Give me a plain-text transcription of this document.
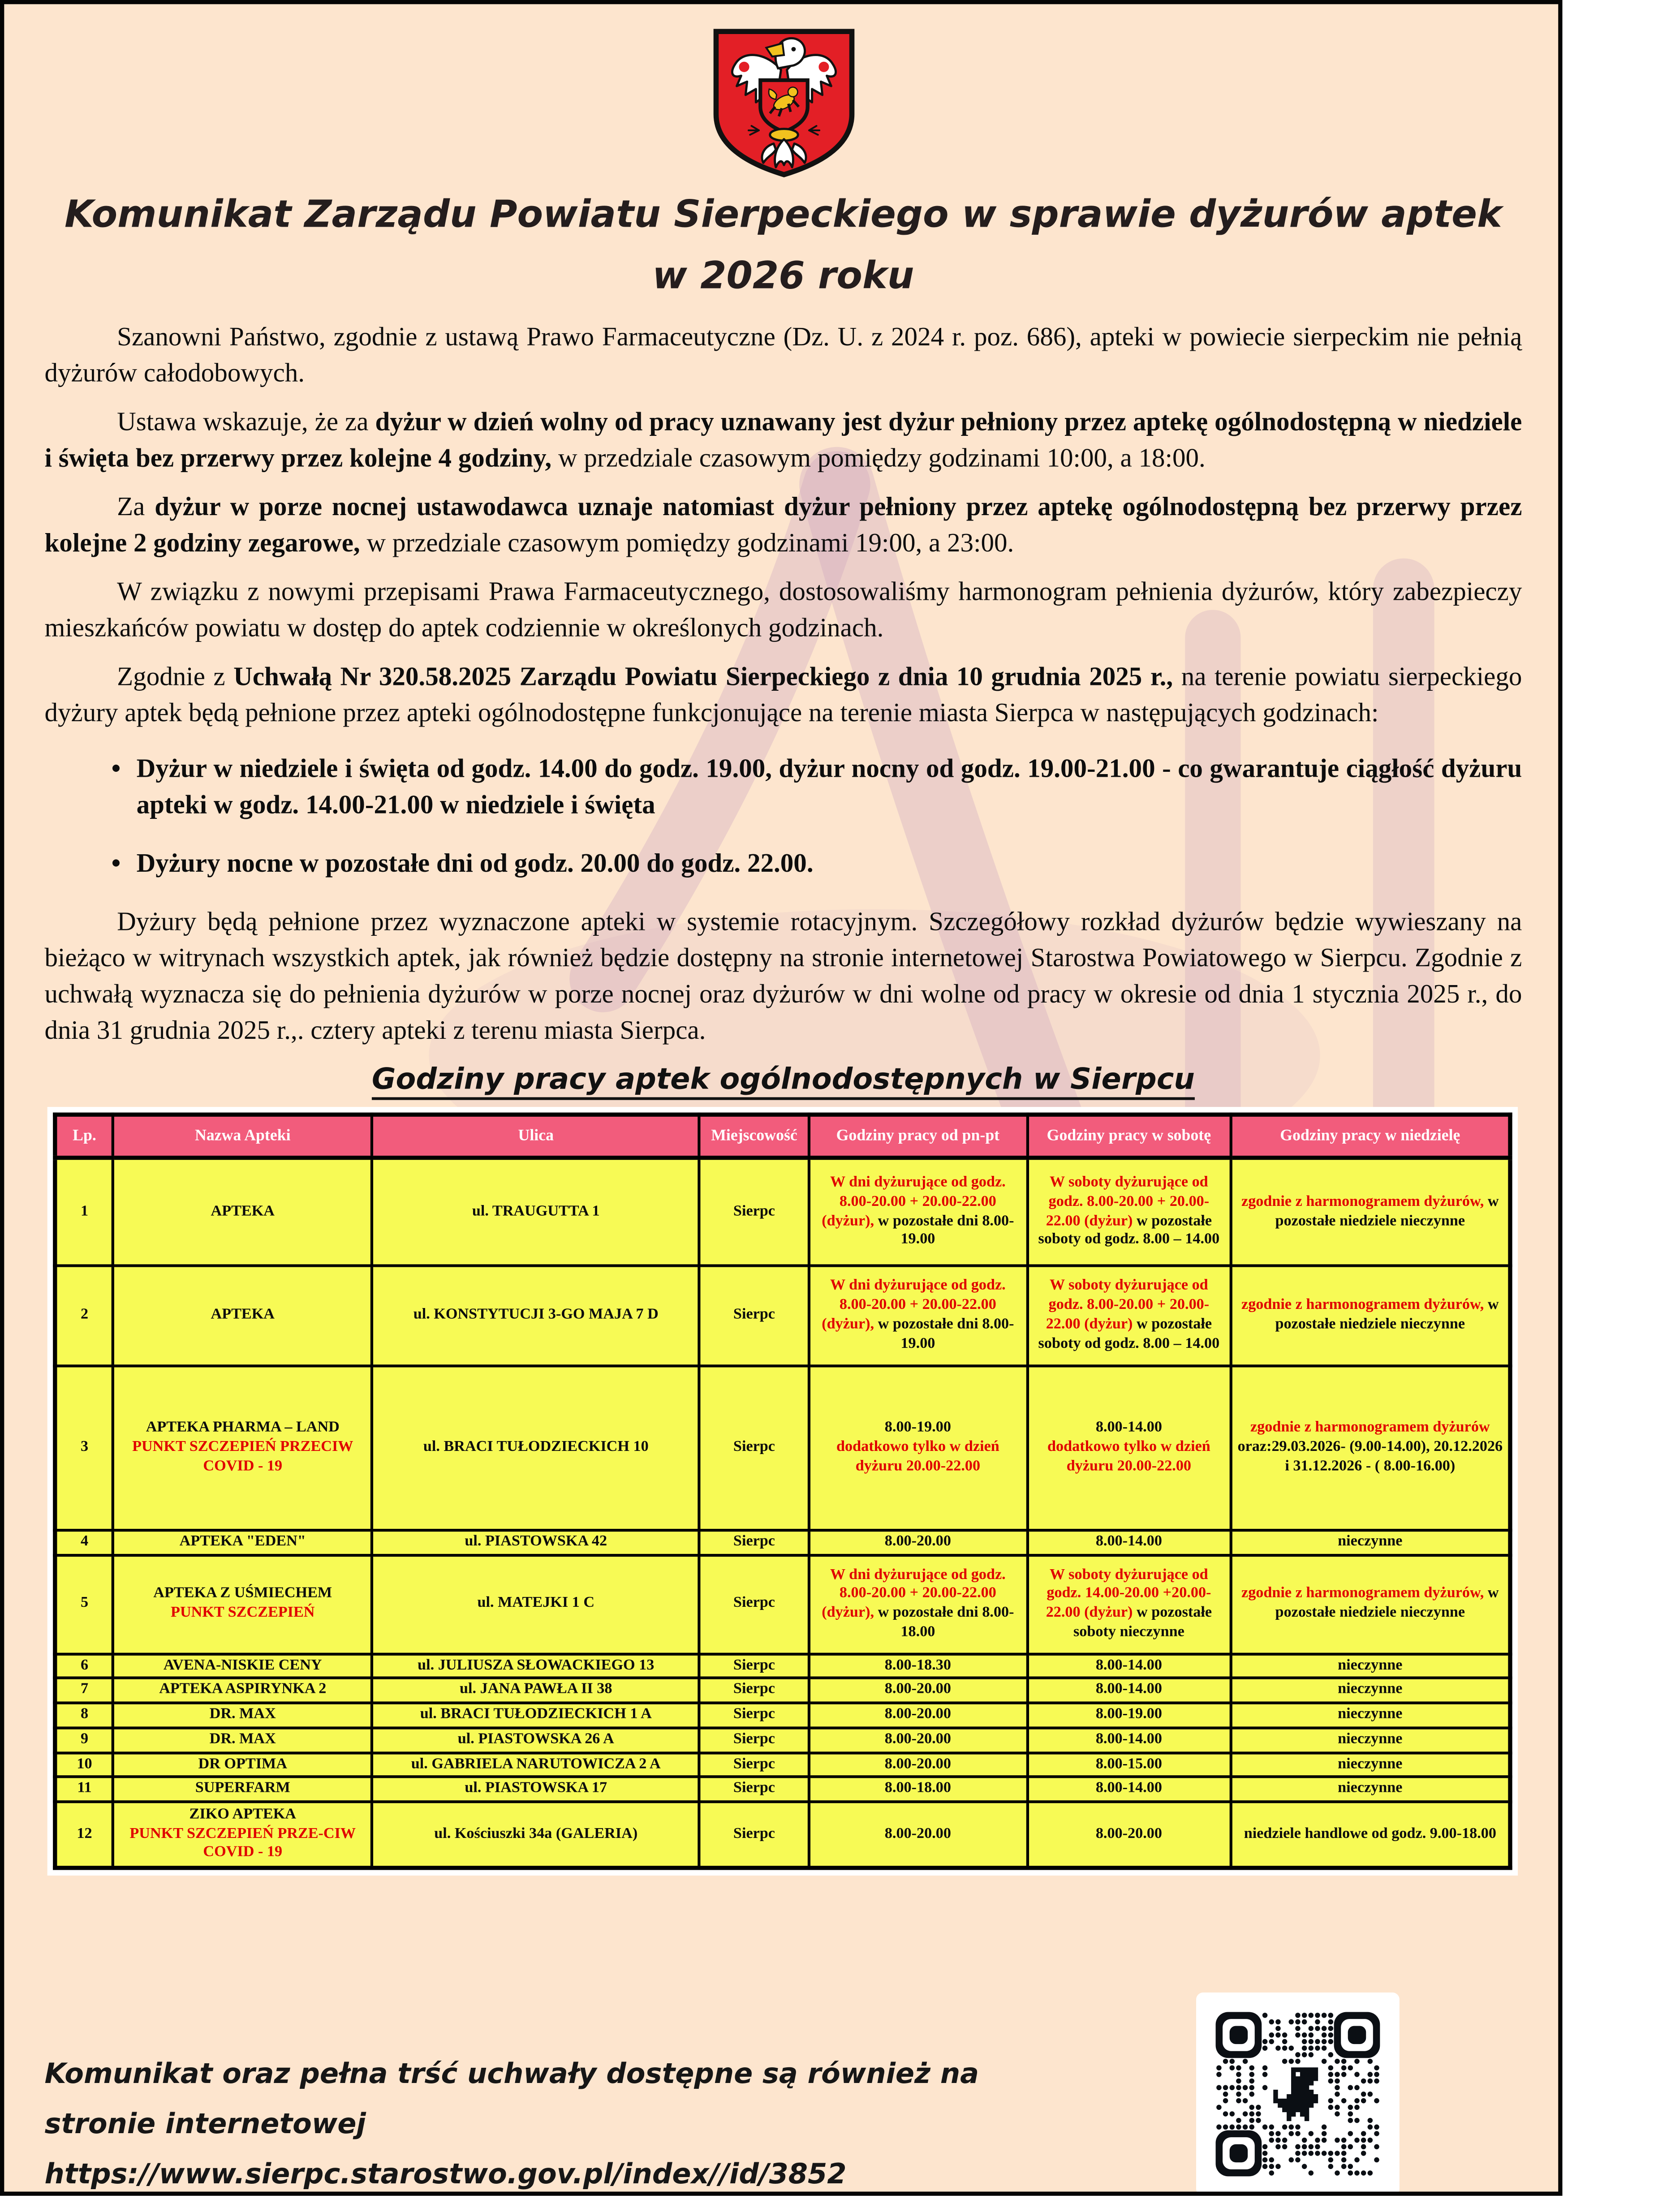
Komunikat Zarządu Powiatu Sierpeckiego w sprawie dyżurów aptek
w 2026 roku
Szanowni Państwo, zgodnie z ustawą Prawo Farmaceutyczne (Dz. U. z 2024 r. poz. 686), apteki w powiecie sierpeckim nie pełnią dyżurów całodobowych.
Ustawa wskazuje, że za dyżur w dzień wolny od pracy uznawany jest dyżur pełniony przez aptekę ogólnodostępną w niedziele i święta bez przerwy przez kolejne 4 godziny, w przedziale czasowym pomiędzy godzinami 10:00, a 18:00.
Za dyżur w porze nocnej ustawodawca uznaje natomiast dyżur pełniony przez aptekę ogólnodostępną bez przerwy przez kolejne 2 godziny zegarowe, w przedziale czasowym pomiędzy godzinami 19:00, a 23:00.
W związku z nowymi przepisami Prawa Farmaceutycznego, dostosowaliśmy harmonogram pełnienia dyżurów, który zabezpieczy mieszkańców powiatu w dostęp do aptek codziennie w określonych godzinach.
Zgodnie z Uchwałą Nr 320.58.2025 Zarządu Powiatu Sierpeckiego z dnia 10 grudnia 2025 r., na terenie powiatu sierpeckiego dyżury aptek będą pełnione przez apteki ogólnodostępne funkcjonujące na terenie miasta Sierpca w następujących godzinach:
• Dyżur w niedziele i święta od godz. 14.00 do godz. 19.00, dyżur nocny od godz. 19.00-21.00 - co gwarantuje ciągłość dyżuru apteki w godz. 14.00-21.00 w niedziele i święta
• Dyżury nocne w pozostałe dni od godz. 20.00 do godz. 22.00.
Dyżury będą pełnione przez wyznaczone apteki w systemie rotacyjnym. Szczegółowy rozkład dyżurów będzie wywieszany na bieżąco w witrynach wszystkich aptek, jak również będzie dostępny na stronie internetowej Starostwa Powiatowego w Sierpcu. Zgodnie z uchwałą wyznacza się do pełnienia dyżurów w porze nocnej oraz dyżurów w dni wolne od pracy w okresie od dnia 1 stycznia 2025 r., do dnia 31 grudnia 2025 r.,. cztery apteki z terenu miasta Sierpca.
Godziny pracy aptek ogólnodostępnych w Sierpcu
Lp.	Nazwa Apteki	Ulica	Miejscowość	Godziny pracy od pn-pt	Godziny pracy w sobotę	Godziny pracy w niedzielę
1	APTEKA	ul. TRAUGUTTA 1	Sierpc	W dni dyżurujące od godz. 8.00-20.00 + 20.00-22.00 (dyżur), w pozostałe dni 8.00-19.00	W soboty dyżurujące od godz. 8.00-20.00 + 20.00-22.00 (dyżur) w pozostałe soboty od godz. 8.00 – 14.00	zgodnie z harmonogramem dyżurów, w pozostałe niedziele nieczynne
2	APTEKA	ul. KONSTYTUCJI 3-GO MAJA 7 D	Sierpc	W dni dyżurujące od godz. 8.00-20.00 + 20.00-22.00 (dyżur), w pozostałe dni 8.00-19.00	W soboty dyżurujące od godz. 8.00-20.00 + 20.00-22.00 (dyżur) w pozostałe soboty od godz. 8.00 – 14.00	zgodnie z harmonogramem dyżurów, w pozostałe niedziele nieczynne
3	APTEKA PHARMA – LAND
PUNKT SZCZEPIEŃ PRZECIW COVID - 19	ul. BRACI TUŁODZIECKICH 10	Sierpc	8.00-19.00
dodatkowo tylko w dzień dyżuru 20.00-22.00	8.00-14.00
dodatkowo tylko w dzień dyżuru 20.00-22.00	zgodnie z harmonogramem dyżurów oraz:29.03.2026- (9.00-14.00), 20.12.2026 i 31.12.2026 - ( 8.00-16.00)
4	APTEKA "EDEN"	ul. PIASTOWSKA 42	Sierpc	8.00-20.00	8.00-14.00	nieczynne
5	APTEKA Z UŚMIECHEM
PUNKT SZCZEPIEŃ	ul. MATEJKI 1 C	Sierpc	W dni dyżurujące od godz. 8.00-20.00 + 20.00-22.00 (dyżur), w pozostałe dni 8.00-18.00	W soboty dyżurujące od godz. 14.00-20.00 +20.00-22.00 (dyżur) w pozostałe soboty nieczynne	zgodnie z harmonogramem dyżurów, w pozostałe niedziele nieczynne
6	AVENA-NISKIE CENY	ul. JULIUSZA SŁOWACKIEGO 13	Sierpc	8.00-18.30	8.00-14.00	nieczynne
7	APTEKA ASPIRYNKA 2	ul. JANA PAWŁA II 38	Sierpc	8.00-20.00	8.00-14.00	nieczynne
8	DR. MAX	ul. BRACI TUŁODZIECKICH 1 A	Sierpc	8.00-20.00	8.00-19.00	nieczynne
9	DR. MAX	ul. PIASTOWSKA 26 A	Sierpc	8.00-20.00	8.00-14.00	nieczynne
10	DR OPTIMA	ul. GABRIELA NARUTOWICZA 2 A	Sierpc	8.00-20.00	8.00-15.00	nieczynne
11	SUPERFARM	ul. PIASTOWSKA 17	Sierpc	8.00-18.00	8.00-14.00	nieczynne
12	ZIKO APTEKA
PUNKT SZCZEPIEŃ PRZE-CIW COVID - 19	ul. Kościuszki 34a (GALERIA)	Sierpc	8.00-20.00	8.00-20.00	niedziele handlowe od godz. 9.00-18.00
Komunikat oraz pełna trść uchwały dostępne są również na stronie internetowej
https://www.sierpc.starostwo.gov.pl/index//id/3852
